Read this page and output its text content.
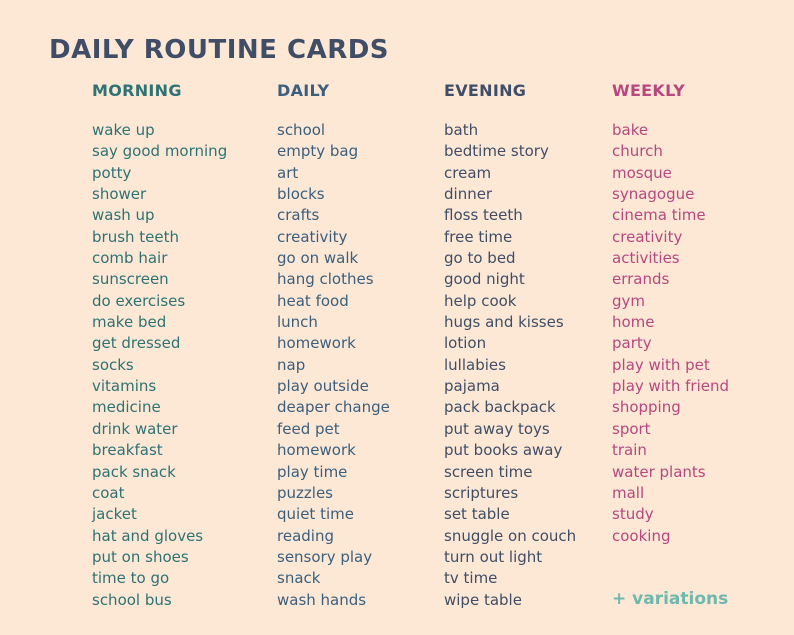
DAILY ROUTINE CARDS
MORNING
wake up
say good morning
potty
shower
wash up
brush teeth
comb hair
sunscreen
do exercises
make bed
get dressed
socks
vitamins
medicine
drink water
breakfast
pack snack
coat
jacket
hat and gloves
put on shoes
time to go
school bus
DAILY
school
empty bag
art
blocks
crafts
creativity
go on walk
hang clothes
heat food
lunch
homework
nap
play outside
deaper change
feed pet
homework
play time
puzzles
quiet time
reading
sensory play
snack
wash hands
EVENING
bath
bedtime story
cream
dinner
floss teeth
free time
go to bed
good night
help cook
hugs and kisses
lotion
lullabies
pajama
pack backpack
put away toys
put books away
screen time
scriptures
set table
snuggle on couch
turn out light
tv time
wipe table
WEEKLY
bake
church
mosque
synagogue
cinema time
creativity
activities
errands
gym
home
party
play with pet
play with friend
shopping
sport
train
water plants
mall
study
cooking
+ variations
